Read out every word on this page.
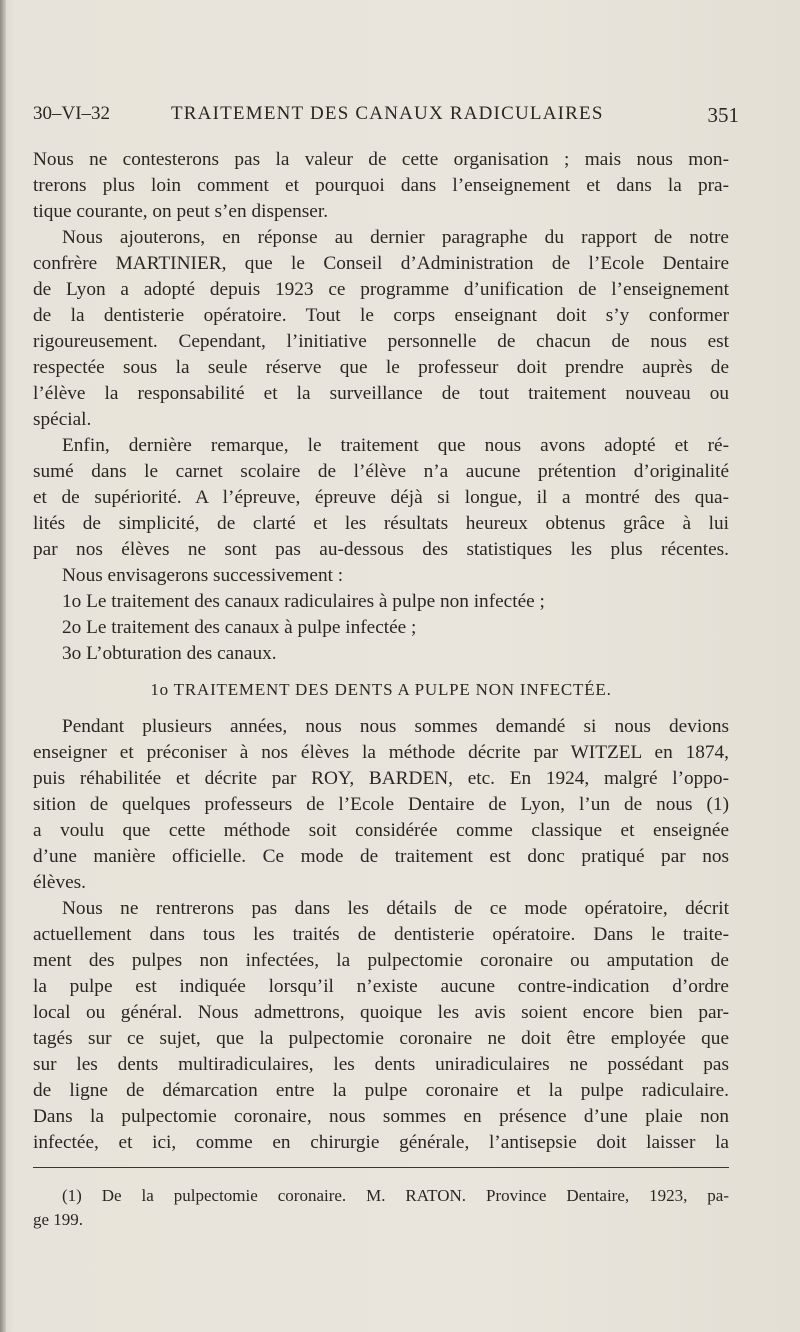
30–VI–32	TRAITEMENT DES CANAUX RADICULAIRES	351
Nous ne contesterons pas la valeur de cette organisation ; mais nous mon-
trerons plus loin comment et pourquoi dans l’enseignement et dans la pra-
tique courante, on peut s’en dispenser.
Nous ajouterons, en réponse au dernier paragraphe du rapport de notre
confrère MARTINIER, que le Conseil d’Administration de l’Ecole Dentaire
de Lyon a adopté depuis 1923 ce programme d’unification de l’enseignement
de la dentisterie opératoire. Tout le corps enseignant doit s’y conformer
rigoureusement. Cependant, l’initiative personnelle de chacun de nous est
respectée sous la seule réserve que le professeur doit prendre auprès de
l’élève la responsabilité et la surveillance de tout traitement nouveau ou
spécial.
Enfin, dernière remarque, le traitement que nous avons adopté et ré-
sumé dans le carnet scolaire de l’élève n’a aucune prétention d’originalité
et de supériorité. A l’épreuve, épreuve déjà si longue, il a montré des qua-
lités de simplicité, de clarté et les résultats heureux obtenus grâce à lui
par nos élèves ne sont pas au-dessous des statistiques les plus récentes.
Nous envisagerons successivement :
1o Le traitement des canaux radiculaires à pulpe non infectée ;
2o Le traitement des canaux à pulpe infectée ;
3o L’obturation des canaux.
1o TRAITEMENT DES DENTS A PULPE NON INFECTÉE.
Pendant plusieurs années, nous nous sommes demandé si nous devions
enseigner et préconiser à nos élèves la méthode décrite par WITZEL en 1874,
puis réhabilitée et décrite par ROY, BARDEN, etc. En 1924, malgré l’oppo-
sition de quelques professeurs de l’Ecole Dentaire de Lyon, l’un de nous (1)
a voulu que cette méthode soit considérée comme classique et enseignée
d’une manière officielle. Ce mode de traitement est donc pratiqué par nos
élèves.
Nous ne rentrerons pas dans les détails de ce mode opératoire, décrit
actuellement dans tous les traités de dentisterie opératoire. Dans le traite-
ment des pulpes non infectées, la pulpectomie coronaire ou amputation de
la pulpe est indiquée lorsqu’il n’existe aucune contre-indication d’ordre
local ou général. Nous admettrons, quoique les avis soient encore bien par-
tagés sur ce sujet, que la pulpectomie coronaire ne doit être employée que
sur les dents multiradiculaires, les dents uniradiculaires ne possédant pas
de ligne de démarcation entre la pulpe coronaire et la pulpe radiculaire.
Dans la pulpectomie coronaire, nous sommes en présence d’une plaie non
infectée, et ici, comme en chirurgie générale, l’antisepsie doit laisser la
(1) De la pulpectomie coronaire. M. RATON. Province Dentaire, 1923, pa-
ge 199.
